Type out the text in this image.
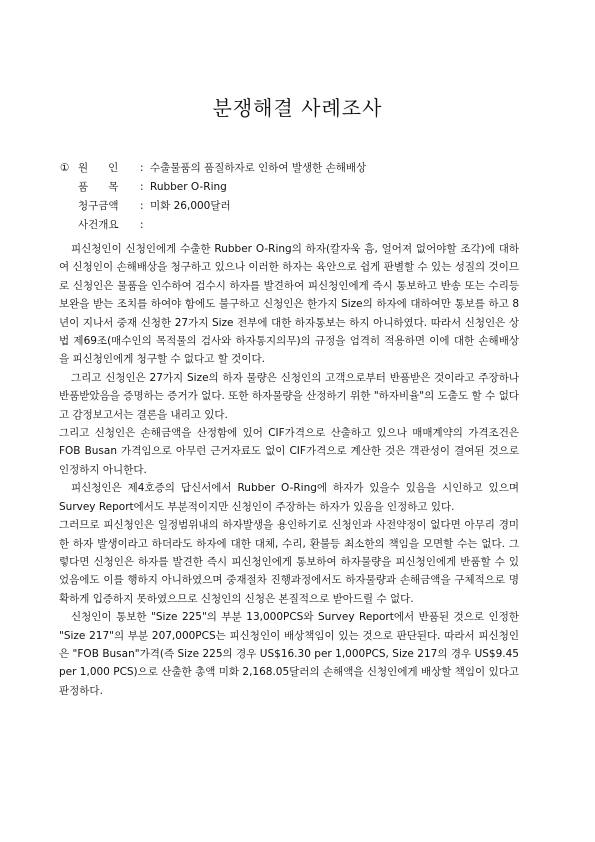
분쟁해결 사례조사
① 원      인	: 수출물품의 품질하자로 인하여 발생한 손해배상
품      목	: Rubber O-Ring
청구금액	: 미화 26,000달러
사건개요	:

피신청인이 신청인에게 수출한 Rubber O-Ring의 하자(칼자욱 흠, 얼어져 없어야할 조각)에 대하여 신청인이 손해배상을 청구하고 있으나 이러한 하자는 육안으로 쉽게 판별할 수 있는 성질의 것이므로 신청인은 물품을 인수하여 검수시 하자를 발견하여 피신청인에게 즉시 통보하고 반송 또는 수리등 보완을 받는 조치를 하여야 함에도 불구하고 신청인은 한가지 Size의 하자에 대하여만 통보를 하고 8년이 지나서 중재 신청한 27가지 Size 전부에 대한 하자통보는 하지 아니하였다. 따라서 신청인은 상법 제69조(매수인의 목적물의 검사와 하자통지의무)의 규정을 엄격히 적용하면 이에 대한 손해배상을 피신청인에게 청구할 수 없다고 할 것이다.

그리고 신청인은 27가지 Size의 하자 물량은 신청인의 고객으로부터 반품받은 것이라고 주장하나 반품받았음을 증명하는 증거가 없다. 또한 하자물량을 산정하기 위한 "하자비율"의 도출도 할 수 없다고 감정보고서는 결론을 내리고 있다.

그리고 신청인은 손해금액을 산정함에 있어 CIF가격으로 산출하고 있으나 매매계약의 가격조건은 FOB Busan 가격임으로 아무런 근거자료도 없이 CIF가격으로 계산한 것은 객관성이 결여된 것으로 인정하지 아니한다.

피신청인은 제4호증의 답신서에서 Rubber O-Ring에 하자가 있을수 있음을 시인하고 있으며 Survey Report에서도 부분적이지만 신청인이 주장하는 하자가 있음을 인정하고 있다.

그러므로 피신청인은 일정범위내의 하자발생을 용인하기로 신청인과 사전약정이 없다면 아무리 경미한 하자 발생이라고 하더라도 하자에 대한 대체, 수리, 환불등 최소한의 책임을 모면할 수는 없다. 그렇다면 신청인은 하자를 발견한 즉시 피신청인에게 통보하여 하자물량을 피신청인에게 반품할 수 있었음에도 이를 행하지 아니하였으며 중재절차 진행과정에서도 하자물량과 손해금액을 구체적으로 명확하게 입증하지 못하였으므로 신청인의 신청은 본질적으로 받아드릴 수 없다.

신청인이 통보한 "Size 225"의 부분 13,000PCS와 Survey Report에서 반품된 것으로 인정한 "Size 217"의 부분 207,000PCS는 피신청인이 배상책임이 있는 것으로 판단된다. 따라서 피신청인은 "FOB Busan"가격(즉 Size 225의 경우 US$16.30 per 1,000PCS, Size 217의 경우 US$9.45 per 1,000 PCS)으로 산출한 총액 미화 2,168.05달러의 손해액을 신청인에게 배상할 책임이 있다고 판정하다.
